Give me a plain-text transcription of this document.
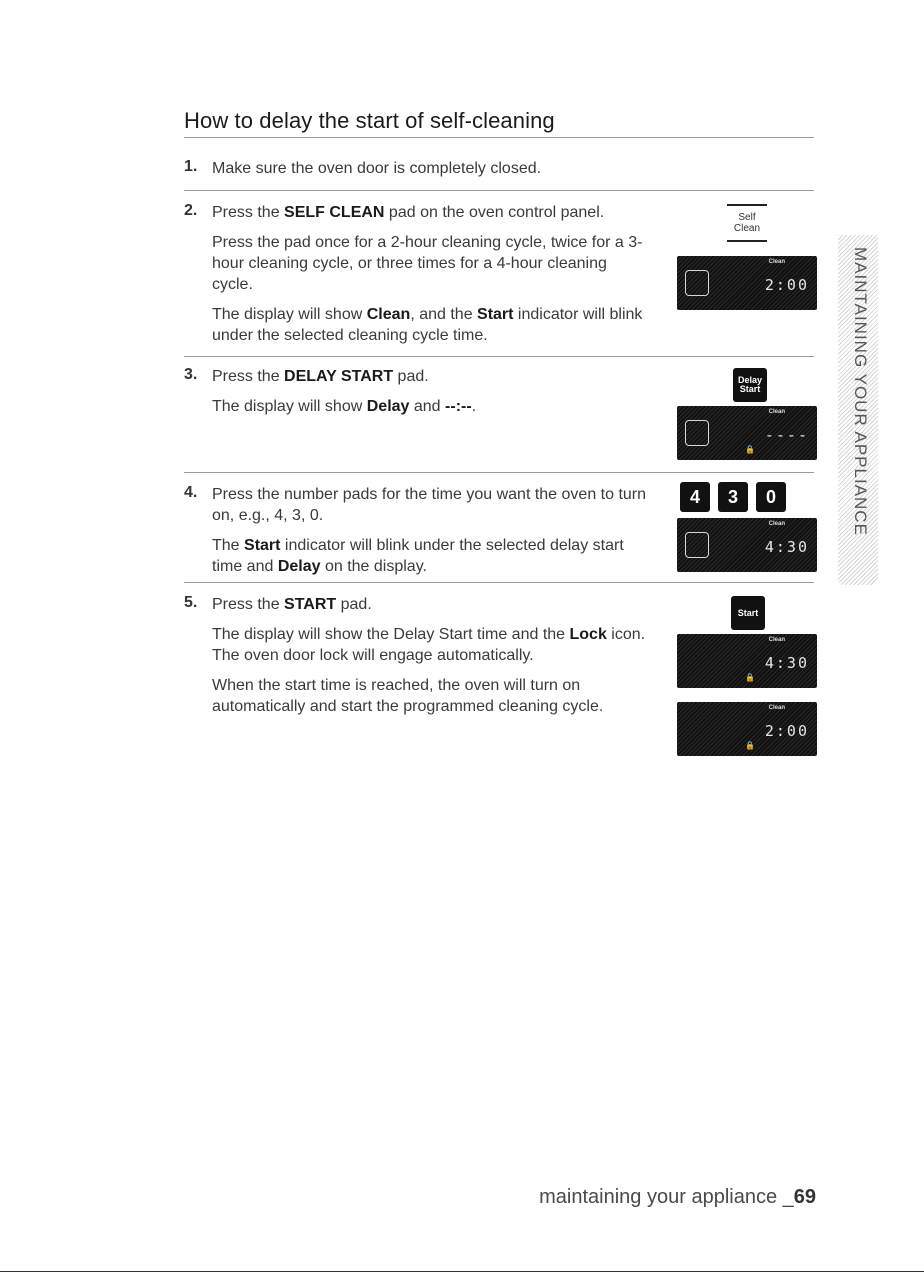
How to delay the start of self-cleaning
1. Make sure the oven door is completely closed.

2. Press the SELF CLEAN pad on the oven control panel.

Press the pad once for a 2-hour cleaning cycle, twice for a 3-hour cleaning cycle, or three times for a 4-hour cleaning cycle.

The display will show Clean, and the Start indicator will blink under the selected cleaning cycle time.

Self Clean
Clean
2:00
3. Press the DELAY START pad.

The display will show Delay and --:--.

Delay Start
Clean
----
🔒
4. Press the number pads for the time you want the oven to turn on, e.g., 4, 3, 0.

The Start indicator will blink under the selected delay start time and Delay on the display.

4	3	0
Clean
4:30
5. Press the START pad.

The display will show the Delay Start time and the Lock icon. The oven door lock will engage automatically.

When the start time is reached, the oven will turn on automatically and start the programmed cleaning cycle.

Start
Clean
4:30
🔒
Clean
2:00
🔒
MAINTAINING YOUR APPLIANCE
maintaining your appliance _69
